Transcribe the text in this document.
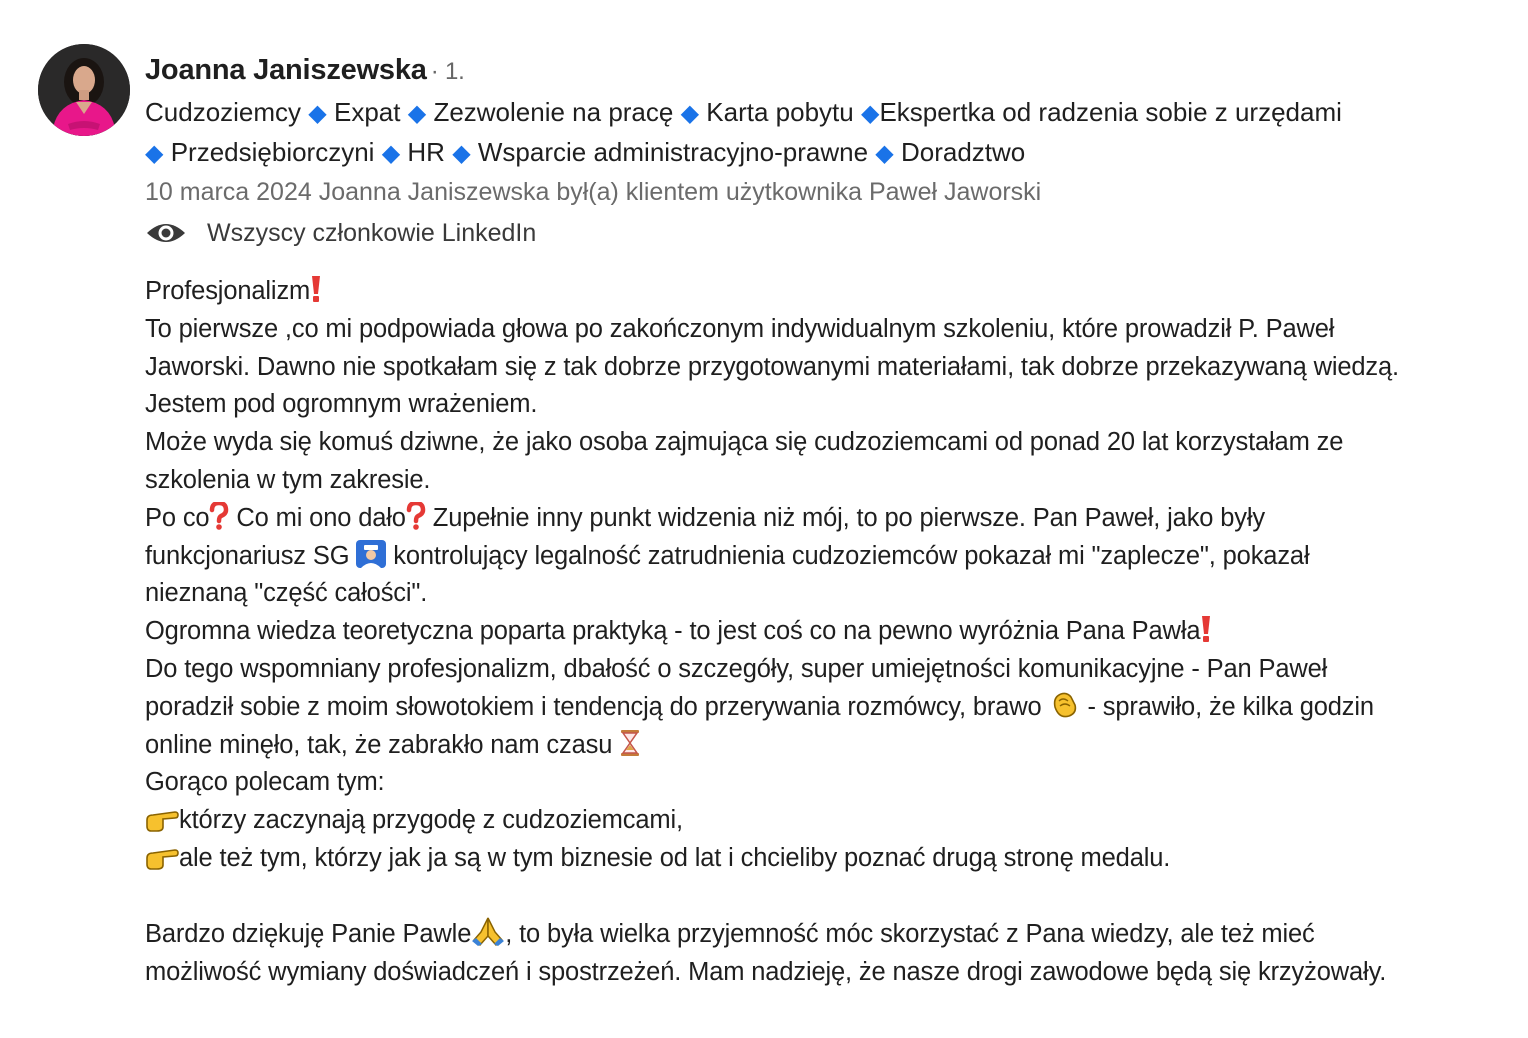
Joanna Janiszewska · 1.
Cudzoziemcy ◆ Expat ◆ Zezwolenie na pracę ◆ Karta pobytu ◆Ekspertka od radzenia sobie z urzędami
◆ Przedsiębiorczyni ◆ HR ◆ Wsparcie administracyjno-prawne ◆ Doradztwo
10 marca 2024 Joanna Janiszewska był(a) klientem użytkownika Paweł Jaworski
Wszyscy członkowie LinkedIn
Profesjonalizm
To pierwsze ,co mi podpowiada głowa po zakończonym indywidualnym szkoleniu, które prowadził P. Paweł
Jaworski. Dawno nie spotkałam się z tak dobrze przygotowanymi materiałami, tak dobrze przekazywaną wiedzą.
Jestem pod ogromnym wrażeniem.
Może wyda się komuś dziwne, że jako osoba zajmująca się cudzoziemcami od ponad 20 lat korzystałam ze
szkolenia w tym zakresie.
Po co Co mi ono dało Zupełnie inny punkt widzenia niż mój, to po pierwsze. Pan Paweł, jako były
funkcjonariusz SG  kontrolujący legalność zatrudnienia cudzoziemców pokazał mi "zaplecze", pokazał
nieznaną "część całości".
Ogromna wiedza teoretyczna poparta praktyką - to jest coś co na pewno wyróżnia Pana Pawła
Do tego wspomniany profesjonalizm, dbałość o szczegóły, super umiejętności komunikacyjne - Pan Paweł
poradził sobie z moim słowotokiem i tendencją do przerywania rozmówcy, brawo  - sprawiło, że kilka godzin
online minęło, tak, że zabrakło nam czasu
Gorąco polecam tym:
którzy zaczynają przygodę z cudzoziemcami,
ale też tym, którzy jak ja są w tym biznesie od lat i chcieliby poznać drugą stronę medalu.
Bardzo dziękuję Panie Pawle , to była wielka przyjemność móc skorzystać z Pana wiedzy, ale też mieć
możliwość wymiany doświadczeń i spostrzeżeń. Mam nadzieję, że nasze drogi zawodowe będą się krzyżowały.
